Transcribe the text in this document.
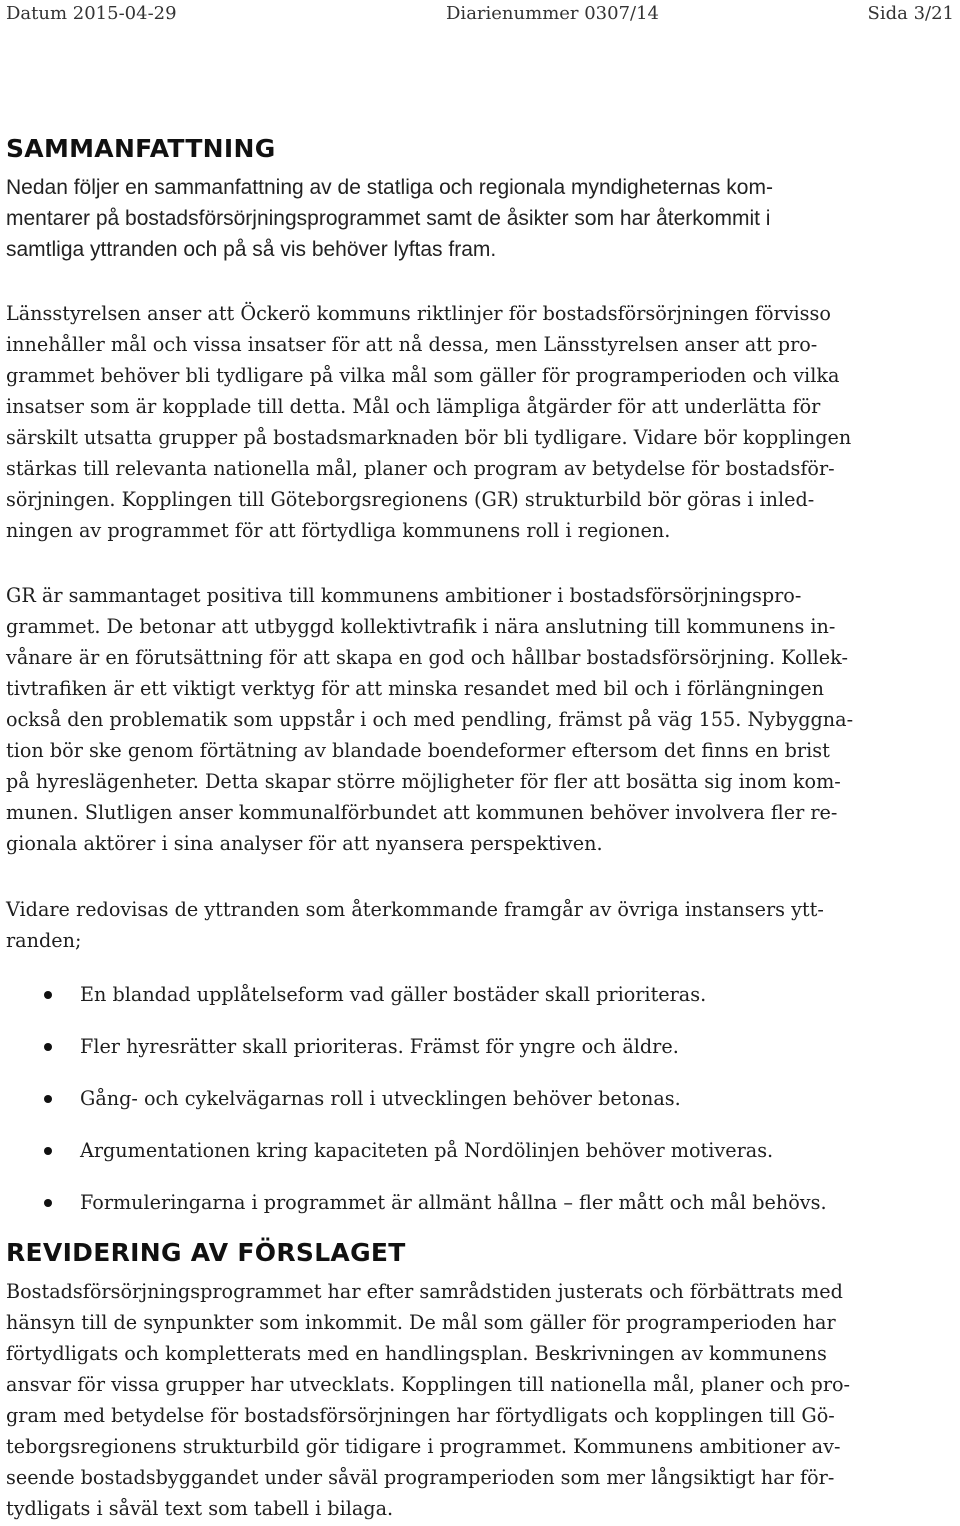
Datum 2015-04-29	Diarienummer 0307/14	Sida 3/21
SAMMANFATTNING
Nedan följer en sammanfattning av de statliga och regionala myndigheternas kom-
mentarer på bostadsförsörjningsprogrammet samt de åsikter som har återkommit i
samtliga yttranden och på så vis behöver lyftas fram.
Länsstyrelsen anser att Öckerö kommuns riktlinjer för bostadsförsörjningen förvisso
innehåller mål och vissa insatser för att nå dessa, men Länsstyrelsen anser att pro-
grammet behöver bli tydligare på vilka mål som gäller för programperioden och vilka
insatser som är kopplade till detta. Mål och lämpliga åtgärder för att underlätta för
särskilt utsatta grupper på bostadsmarknaden bör bli tydligare. Vidare bör kopplingen
stärkas till relevanta nationella mål, planer och program av betydelse för bostadsför-
sörjningen. Kopplingen till Göteborgsregionens (GR) strukturbild bör göras i inled-
ningen av programmet för att förtydliga kommunens roll i regionen.
GR är sammantaget positiva till kommunens ambitioner i bostadsförsörjningspro-
grammet. De betonar att utbyggd kollektivtrafik i nära anslutning till kommunens in-
vånare är en förutsättning för att skapa en god och hållbar bostadsförsörjning. Kollek-
tivtrafiken är ett viktigt verktyg för att minska resandet med bil och i förlängningen
också den problematik som uppstår i och med pendling, främst på väg 155. Nybyggna-
tion bör ske genom förtätning av blandade boendeformer eftersom det finns en brist
på hyreslägenheter. Detta skapar större möjligheter för fler att bosätta sig inom kom-
munen. Slutligen anser kommunalförbundet att kommunen behöver involvera fler re-
gionala aktörer i sina analyser för att nyansera perspektiven.
Vidare redovisas de yttranden som återkommande framgår av övriga instansers ytt-
randen;
En blandad upplåtelseform vad gäller bostäder skall prioriteras.
Fler hyresrätter skall prioriteras. Främst för yngre och äldre.
Gång- och cykelvägarnas roll i utvecklingen behöver betonas.
Argumentationen kring kapaciteten på Nordölinjen behöver motiveras.
Formuleringarna i programmet är allmänt hållna – fler mått och mål behövs.
REVIDERING AV FÖRSLAGET
Bostadsförsörjningsprogrammet har efter samrådstiden justerats och förbättrats med
hänsyn till de synpunkter som inkommit. De mål som gäller för programperioden har
förtydligats och kompletterats med en handlingsplan. Beskrivningen av kommunens
ansvar för vissa grupper har utvecklats. Kopplingen till nationella mål, planer och pro-
gram med betydelse för bostadsförsörjningen har förtydligats och kopplingen till Gö-
teborgsregionens strukturbild gör tidigare i programmet. Kommunens ambitioner av-
seende bostadsbyggandet under såväl programperioden som mer långsiktigt har för-
tydligats i såväl text som tabell i bilaga.
